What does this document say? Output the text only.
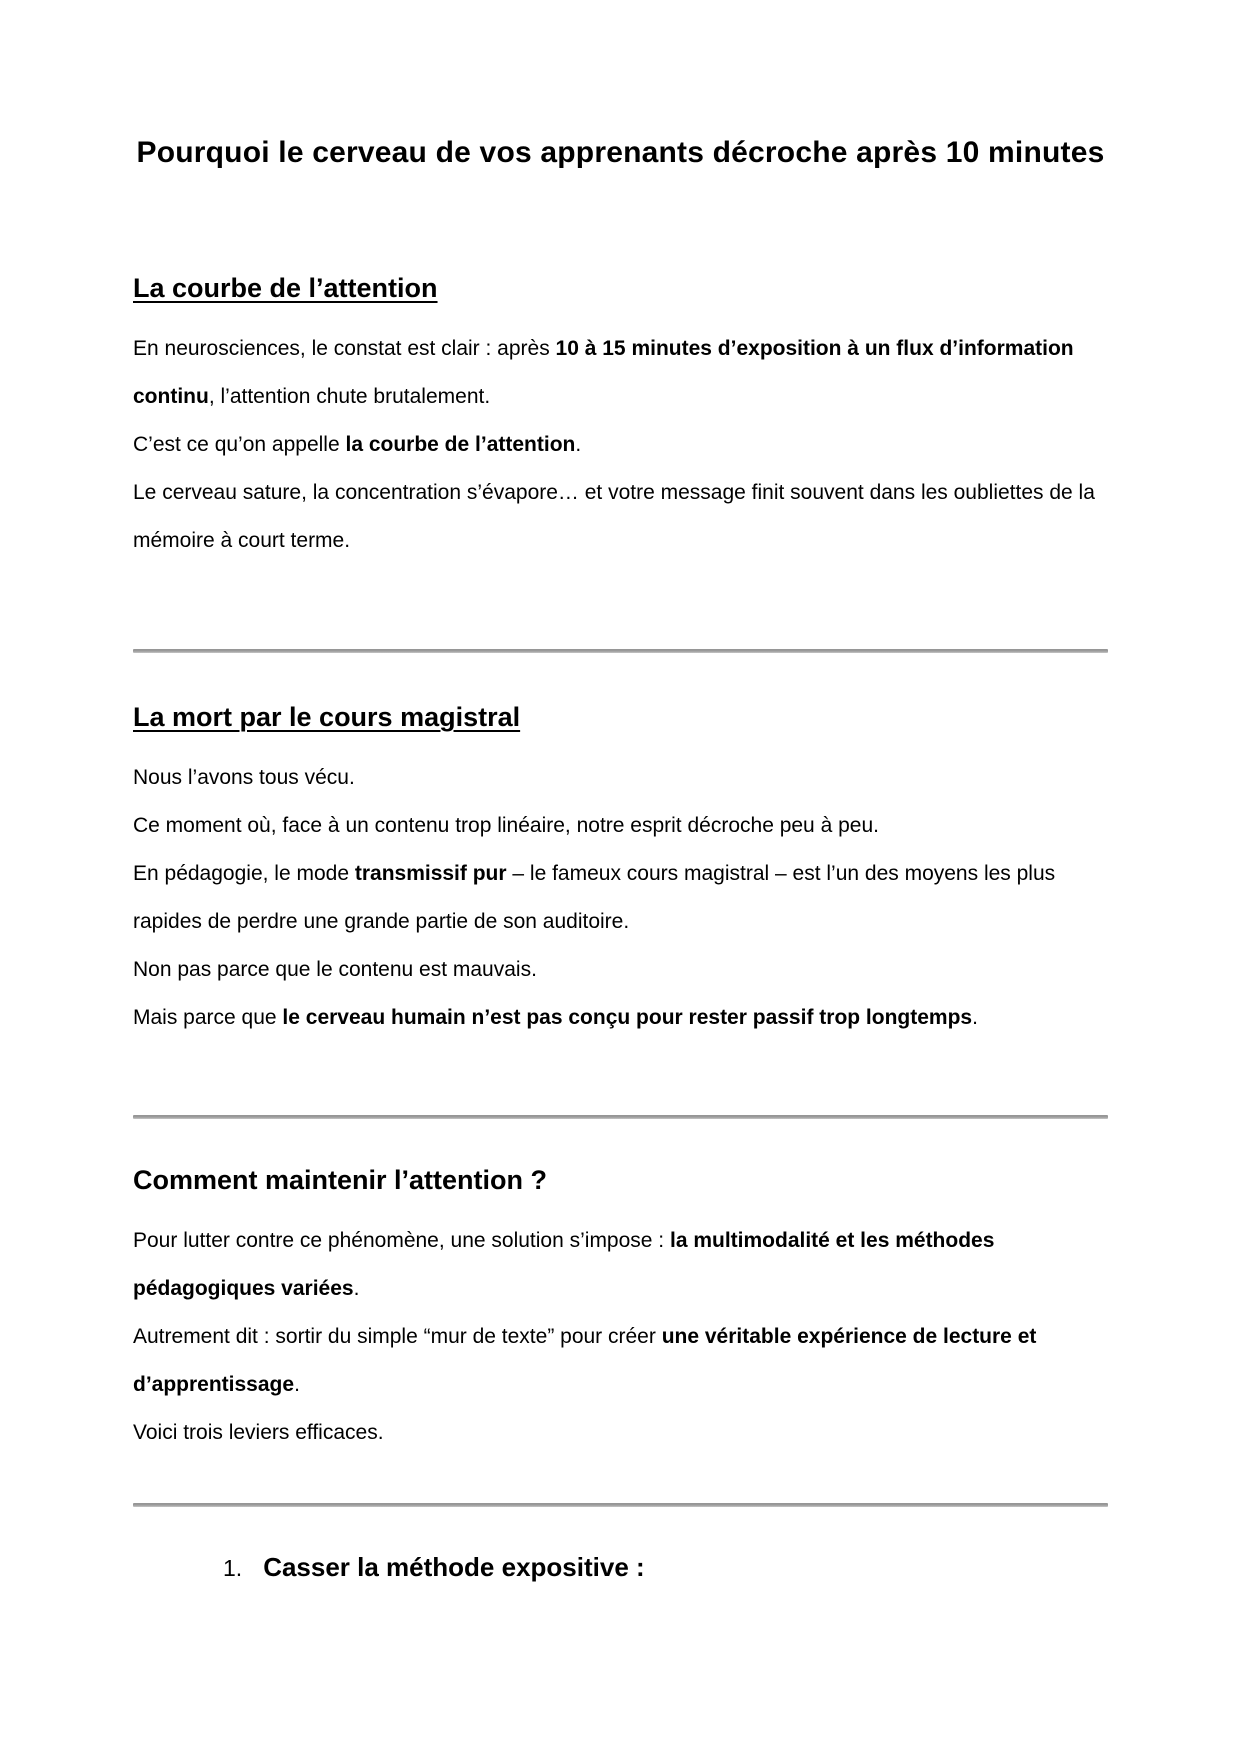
Pourquoi le cerveau de vos apprenants décroche après 10 minutes
La courbe de l’attention

En neurosciences, le constat est clair : après 10 à 15 minutes d’exposition à un flux d’information continu, l’attention chute brutalement.

C’est ce qu’on appelle la courbe de l’attention.

Le cerveau sature, la concentration s’évapore… et votre message finit souvent dans les oubliettes de la mémoire à court terme.

La mort par le cours magistral

Nous l’avons tous vécu.

Ce moment où, face à un contenu trop linéaire, notre esprit décroche peu à peu.

En pédagogie, le mode transmissif pur – le fameux cours magistral – est l’un des moyens les plus rapides de perdre une grande partie de son auditoire.

Non pas parce que le contenu est mauvais.

Mais parce que le cerveau humain n’est pas conçu pour rester passif trop longtemps.

Comment maintenir l’attention ?

Pour lutter contre ce phénomène, une solution s’impose : la multimodalité et les méthodes pédagogiques variées.

Autrement dit : sortir du simple “mur de texte” pour créer une véritable expérience de lecture et d’apprentissage.

Voici trois leviers efficaces.

1. Casser la méthode expositive :
